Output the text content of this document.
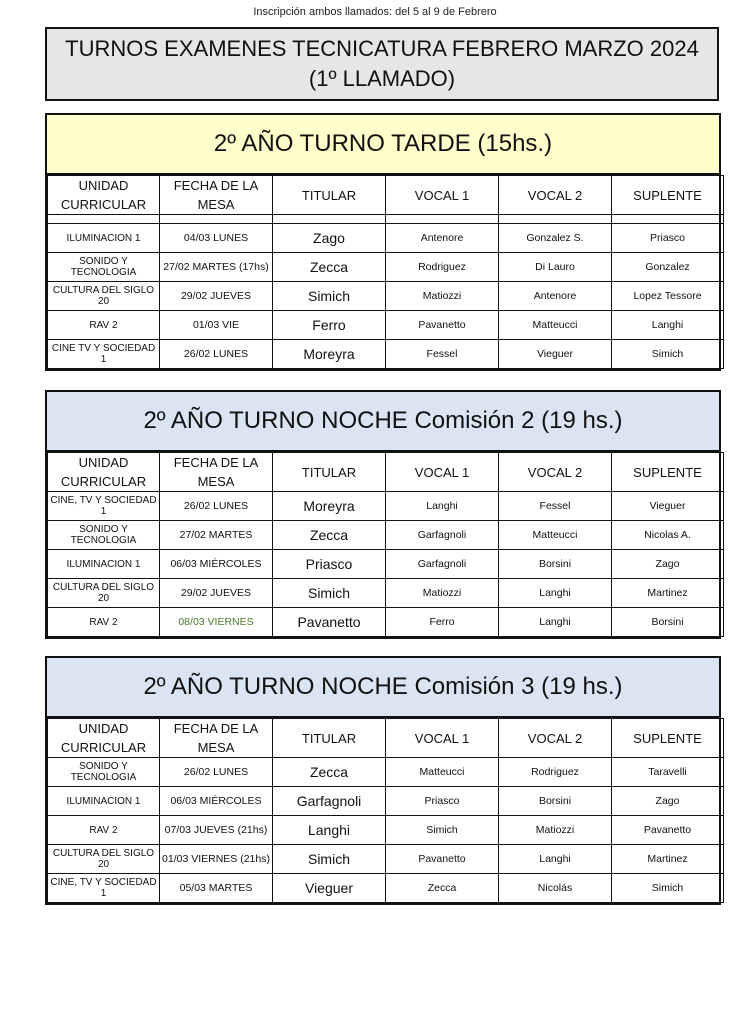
Inscripción ambos llamados: del 5 al 9 de Febrero
TURNOS EXAMENES TECNICATURA FEBRERO MARZO 2024
(1º LLAMADO)
2º AÑO TURNO TARDE (15hs.)
UNIDAD CURRICULAR	FECHA DE LA MESA	TITULAR	VOCAL 1	VOCAL 2	SUPLENTE

ILUMINACION 1	04/03 LUNES	Zago	Antenore	Gonzalez S.	Priasco
SONIDO Y TECNOLOGIA	27/02 MARTES (17hs)	Zecca	Rodriguez	Di Lauro	Gonzalez
CULTURA DEL SIGLO 20	29/02 JUEVES	Simich	Matiozzi	Antenore	Lopez Tessore
RAV 2	01/03 VIE	Ferro	Pavanetto	Matteucci	Langhi
CINE TV Y SOCIEDAD 1	26/02 LUNES	Moreyra	Fessel	Vieguer	Simich
2º AÑO TURNO NOCHE Comisión 2 (19 hs.)
UNIDAD CURRICULAR	FECHA DE LA MESA	TITULAR	VOCAL 1	VOCAL 2	SUPLENTE
CINE, TV Y SOCIEDAD 1	26/02 LUNES	Moreyra	Langhi	Fessel	Vieguer
SONIDO Y TECNOLOGIA	27/02 MARTES	Zecca	Garfagnoli	Matteucci	Nicolas A.
ILUMINACION 1	06/03 MIÉRCOLES	Priasco	Garfagnoli	Borsini	Zago
CULTURA DEL SIGLO 20	29/02 JUEVES	Simich	Matiozzi	Langhi	Martinez
RAV 2	08/03 VIERNES	Pavanetto	Ferro	Langhi	Borsini
2º AÑO TURNO NOCHE Comisión 3 (19 hs.)
UNIDAD CURRICULAR	FECHA DE LA MESA	TITULAR	VOCAL 1	VOCAL 2	SUPLENTE
SONIDO Y TECNOLOGIA	26/02 LUNES	Zecca	Matteucci	Rodriguez	Taravelli
ILUMINACION 1	06/03 MIÉRCOLES	Garfagnoli	Priasco	Borsini	Zago
RAV 2	07/03 JUEVES (21hs)	Langhi	Simich	Matiozzi	Pavanetto
CULTURA DEL SIGLO 20	01/03 VIERNES (21hs)	Simich	Pavanetto	Langhi	Martinez
CINE, TV Y SOCIEDAD 1	05/03 MARTES	Vieguer	Zecca	Nicolás	Simich
